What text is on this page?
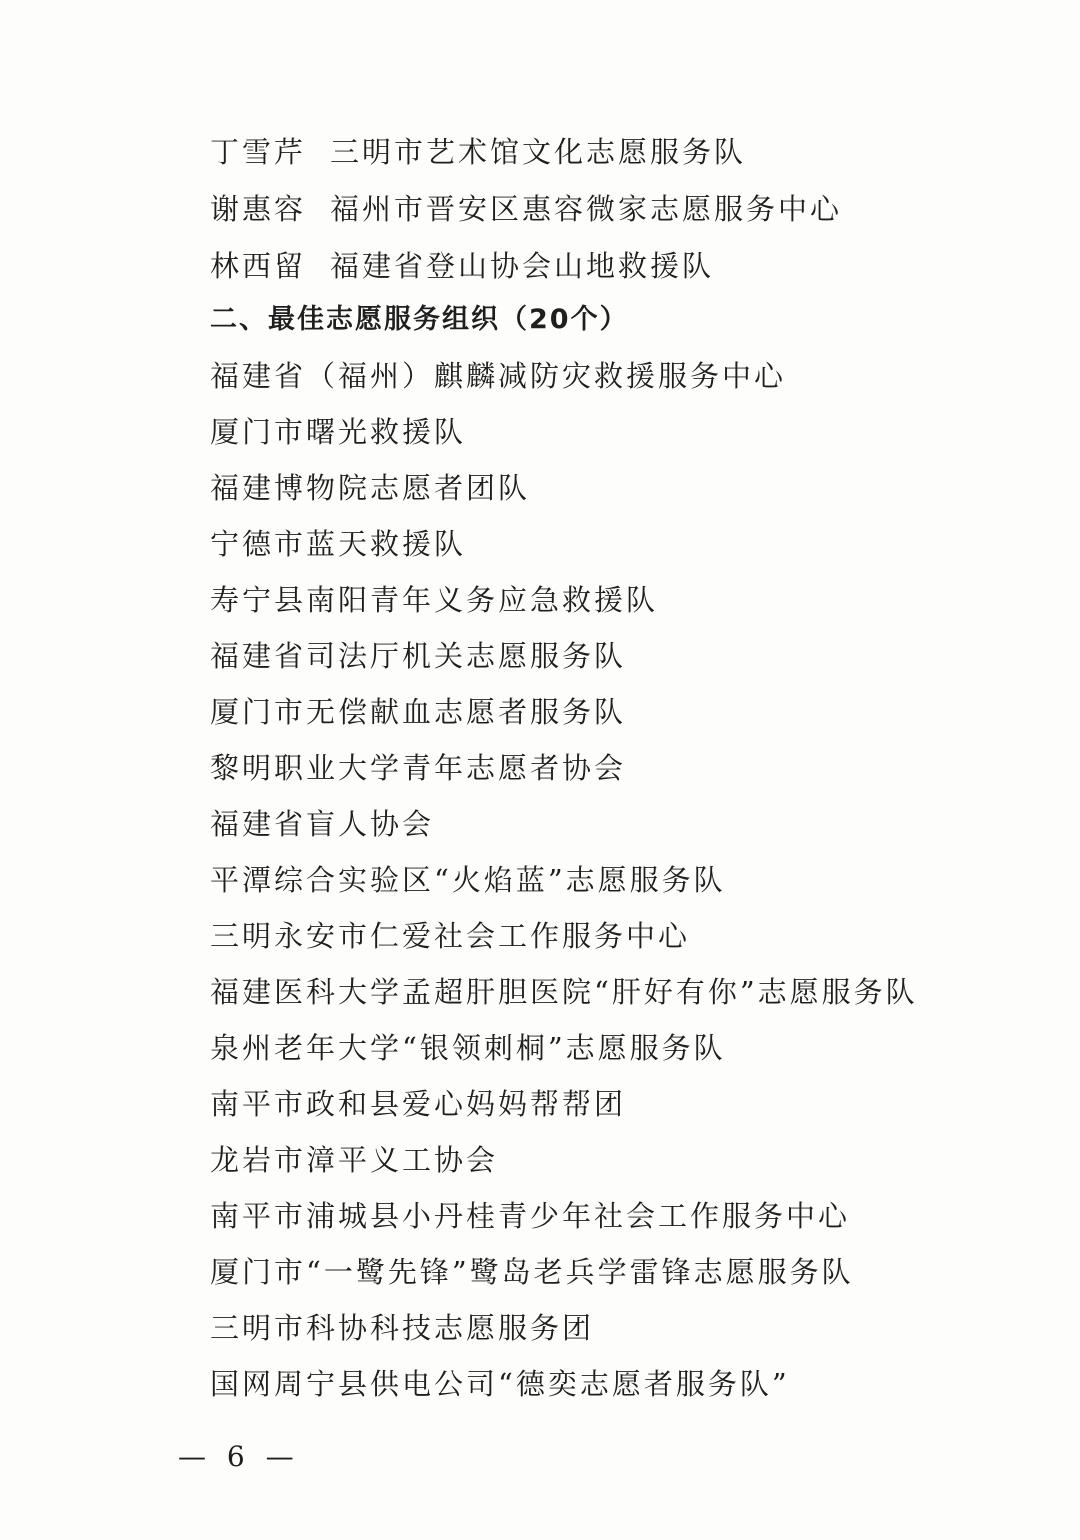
丁雪芹 三明市艺术馆文化志愿服务队
谢惠容 福州市晋安区惠容微家志愿服务中心
林西留 福建省登山协会山地救援队
二、最佳志愿服务组织（20个）
福建省（福州）麒麟减防灾救援服务中心
厦门市曙光救援队
福建博物院志愿者团队
宁德市蓝天救援队
寿宁县南阳青年义务应急救援队
福建省司法厅机关志愿服务队
厦门市无偿献血志愿者服务队
黎明职业大学青年志愿者协会
福建省盲人协会
平潭综合实验区“火焰蓝”志愿服务队
三明永安市仁爱社会工作服务中心
福建医科大学孟超肝胆医院“肝好有你”志愿服务队
泉州老年大学“银领刺桐”志愿服务队
南平市政和县爱心妈妈帮帮团
龙岩市漳平义工协会
南平市浦城县小丹桂青少年社会工作服务中心
厦门市“一鹭先锋”鹭岛老兵学雷锋志愿服务队
三明市科协科技志愿服务团
国网周宁县供电公司“德奕志愿者服务队”
— 6 —
